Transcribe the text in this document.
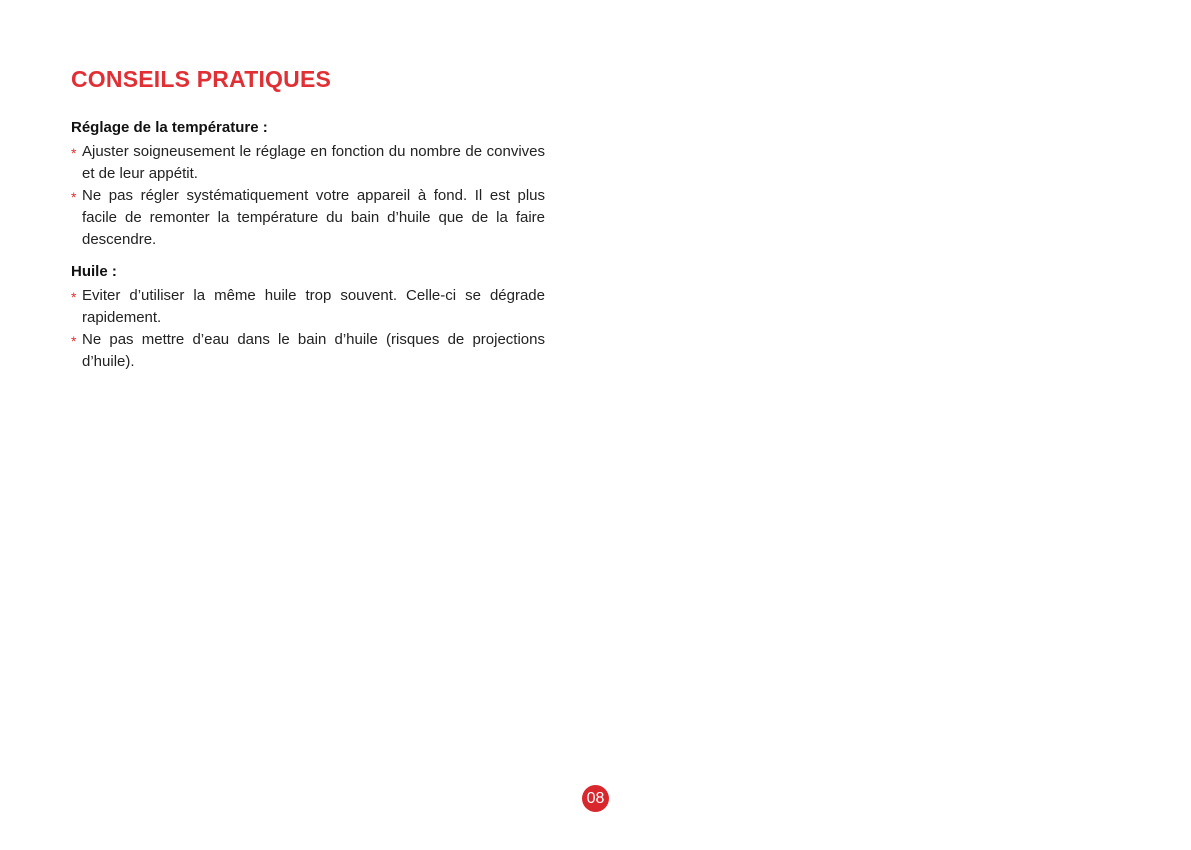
CONSEILS PRATIQUES

Réglage de la température :

* Ajuster soigneusement le réglage en fonction du nombre de convives et de leur appétit.
* Ne pas régler systématiquement votre appareil à fond. Il est plus facile de remonter la température du bain d’huile que de la faire descendre.

Huile :

* Eviter d’utiliser la même huile trop souvent. Celle-ci se dégrade rapidement.
* Ne pas mettre d’eau dans le bain d’huile (risques de projections d’huile).
08
